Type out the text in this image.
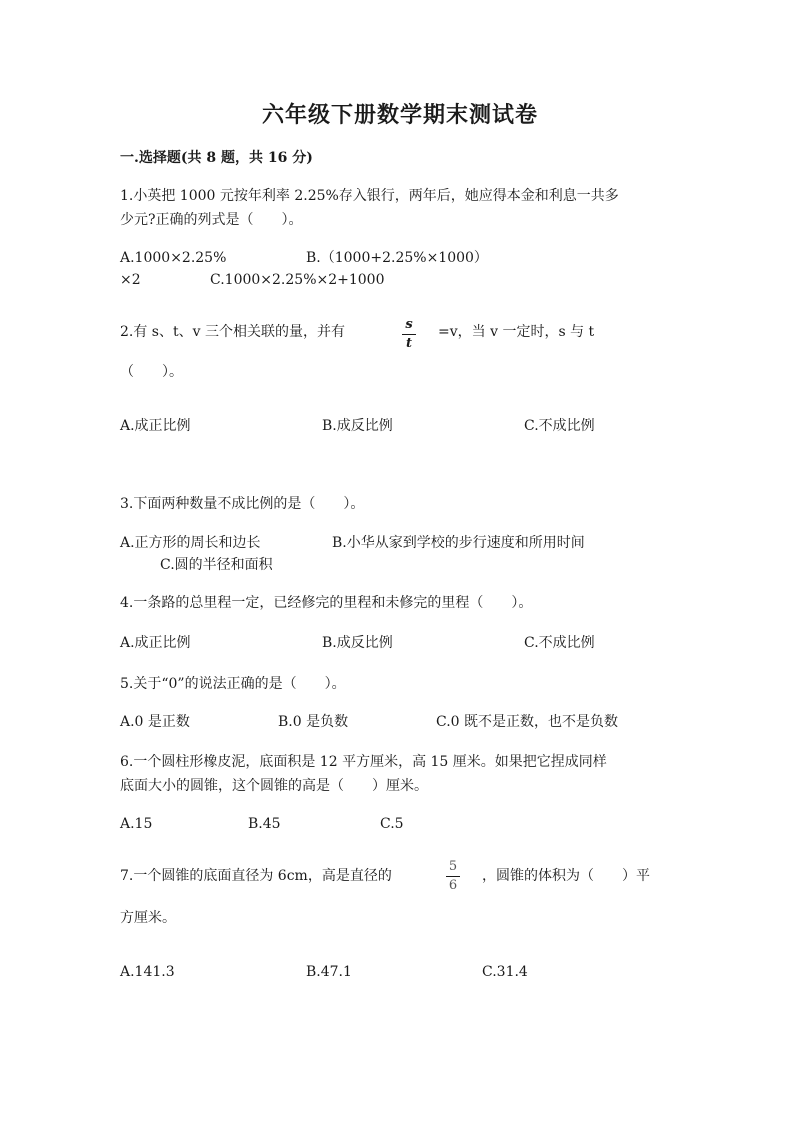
六年级下册数学期末测试卷
一.选择题(共 8 题，共 16 分)
1.小英把 1000 元按年利率 2.25%存入银行，两年后，她应得本金和利息一共多
少元?正确的列式是（　　）。
A.1000×2.25%	B.（1000+2.25%×1000）
×2	C.1000×2.25%×2+1000
2.有 s、t、v 三个相关联的量，并有	s
t
=v，当 v 一定时，s 与 t
（　　）。
A.成正比例	B.成反比例	C.不成比例
3.下面两种数量不成比例的是（　　）。
A.正方形的周长和边长	B.小华从家到学校的步行速度和所用时间
C.圆的半径和面积
4.一条路的总里程一定，已经修完的里程和未修完的里程（　　）。
A.成正比例	B.成反比例	C.不成比例
5.关于“0”的说法正确的是（　　）。
A.0 是正数	B.0 是负数	C.0 既不是正数，也不是负数
6.一个圆柱形橡皮泥，底面积是 12 平方厘米，高 15 厘米。如果把它捏成同样
底面大小的圆锥，这个圆锥的高是（　　）厘米。
A.15	B.45	C.5
7.一个圆锥的底面直径为 6cm，高是直径的
5
6
，圆锥的体积为（　　）平
方厘米。
A.141.3	B.47.1	C.31.4
